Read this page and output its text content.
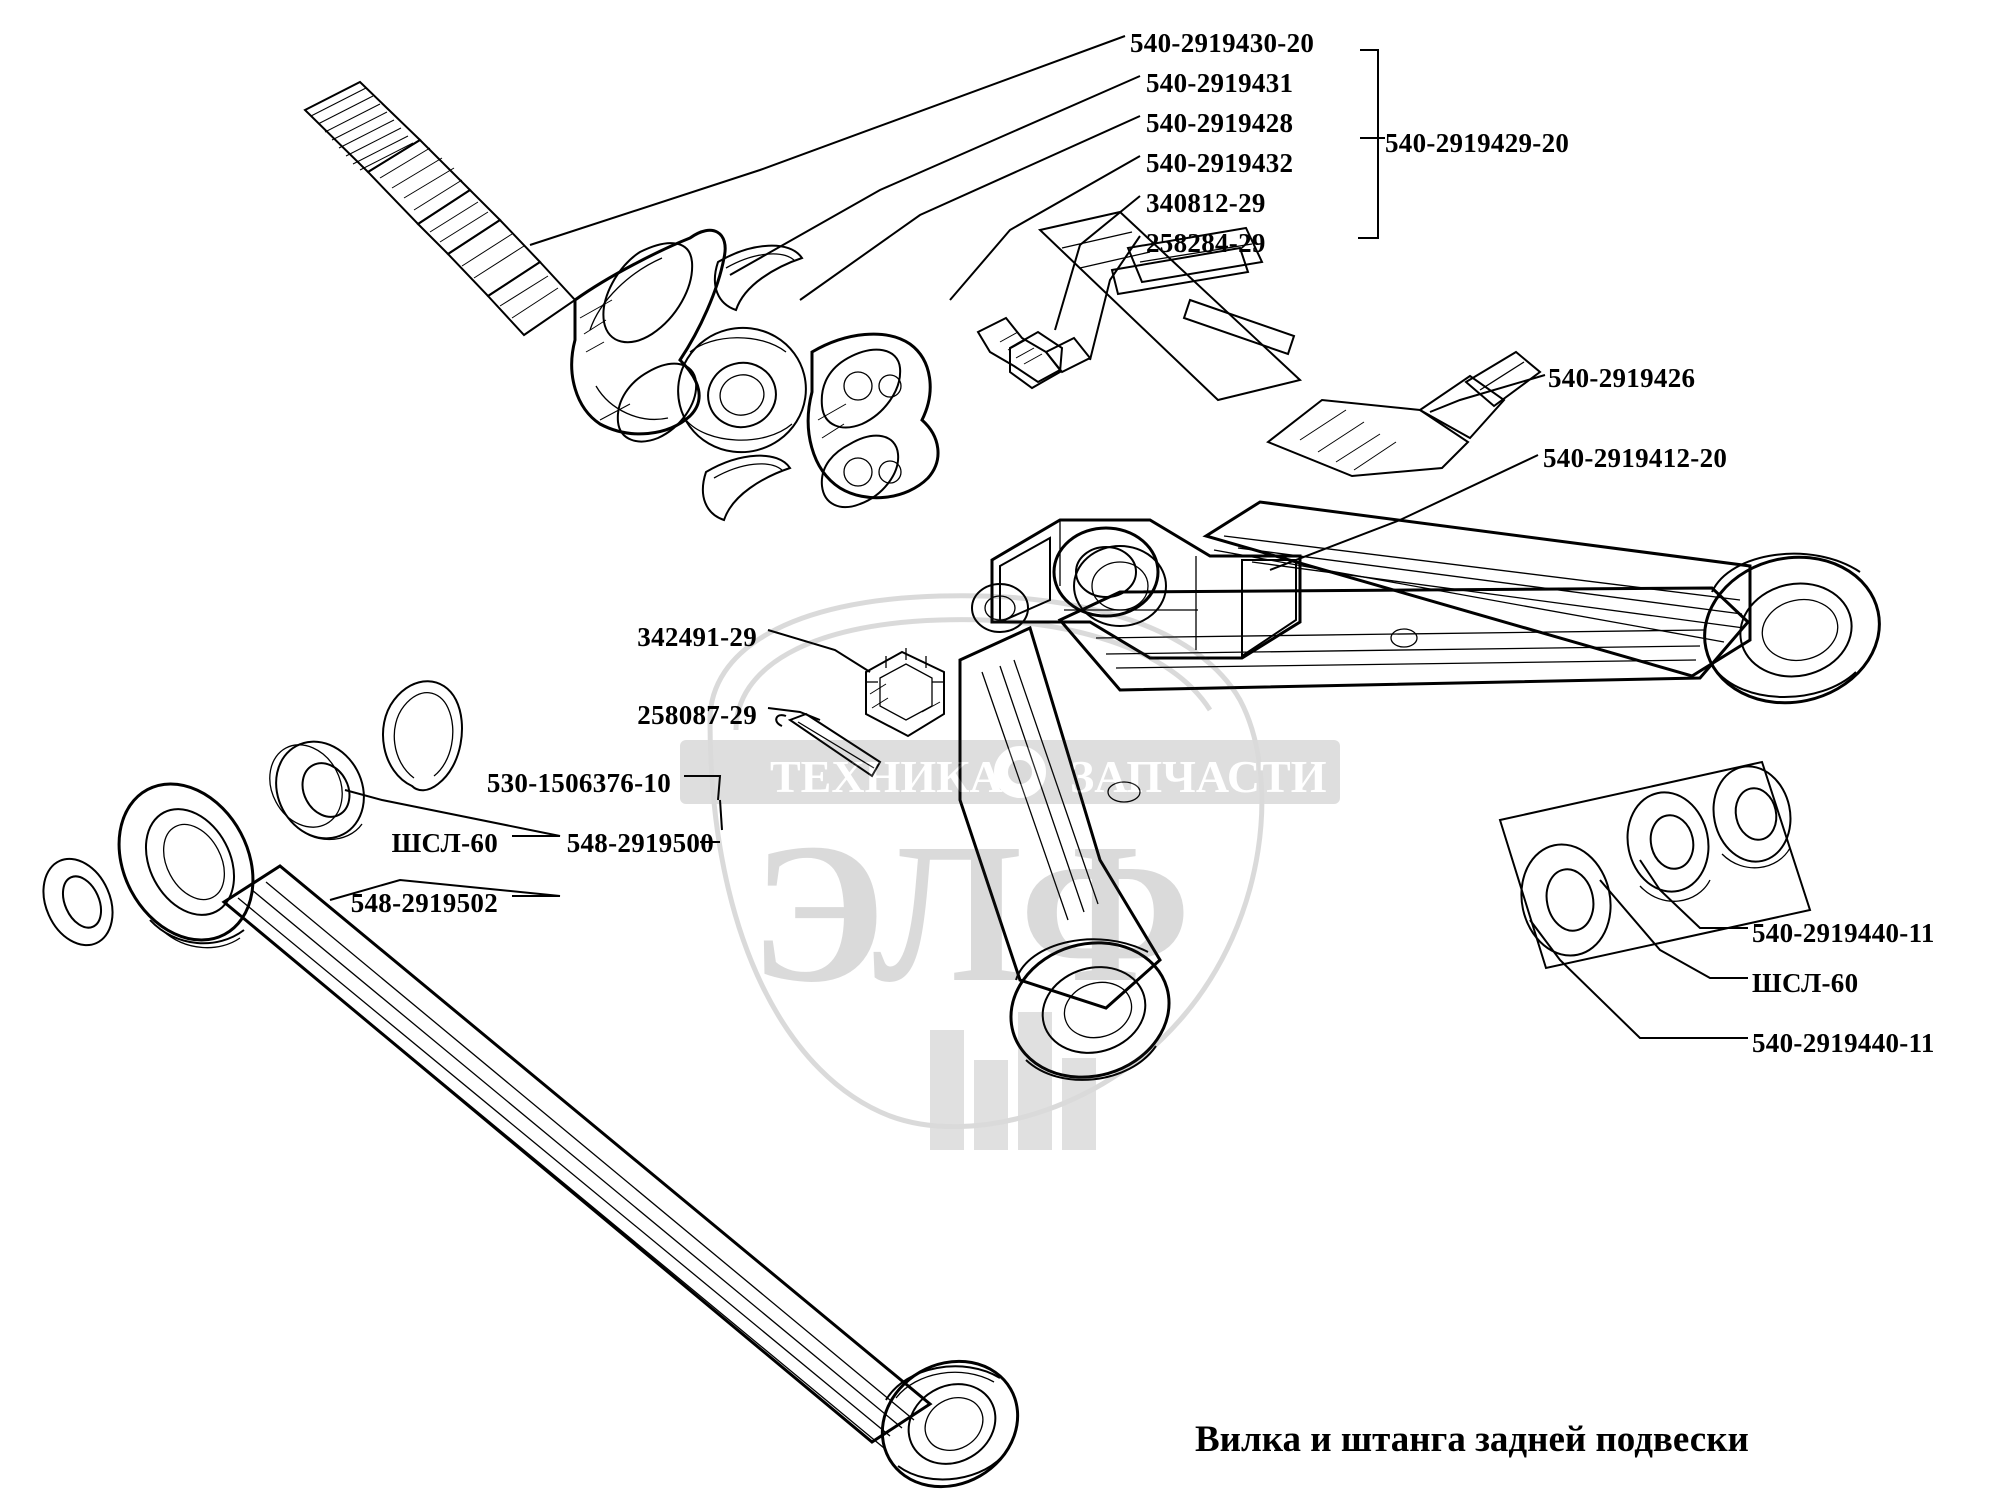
ТЕХНИКА ЗАПЧАСТИ
ЭЛФ
540-2919430-20
540-2919431
540-2919428
540-2919432
340812-29
258284-29
540-2919429-20
540-2919426
540-2919412-20
342491-29
258087-29
530-1506376-10
ШСЛ-60	548-2919500
548-2919502
540-2919440-11
ШСЛ-60
540-2919440-11
Вилка и штанга задней подвески
